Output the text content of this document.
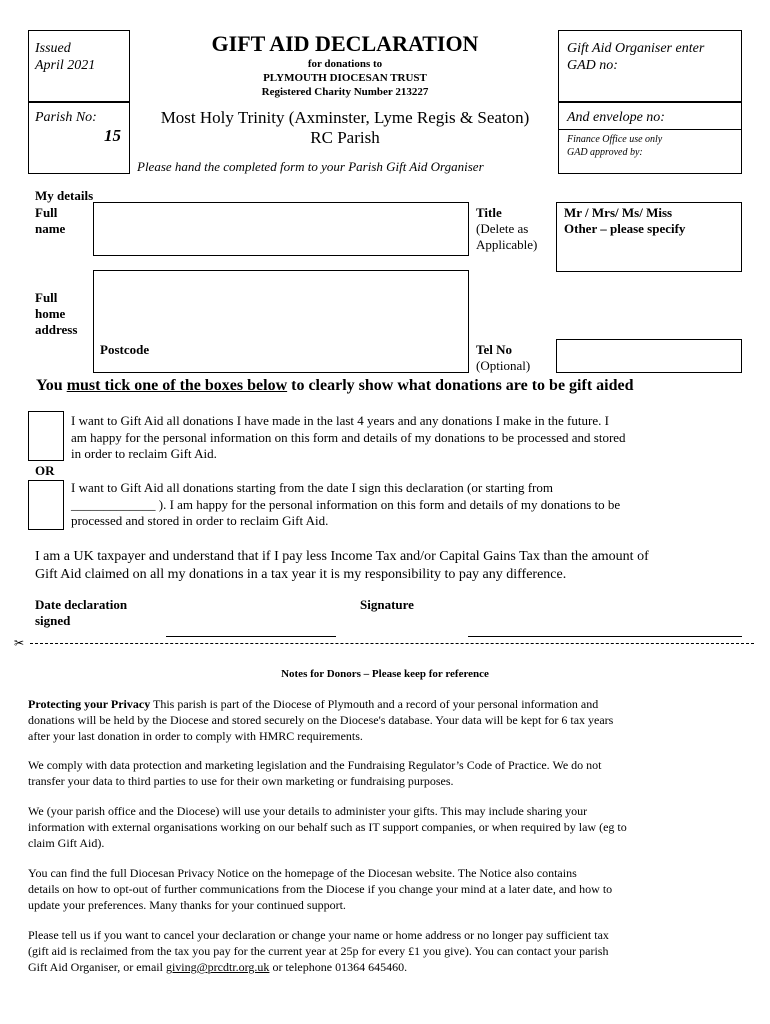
Issued
April 2021
GIFT AID DECLARATION
for donations to
PLYMOUTH DIOCESAN TRUST
Registered Charity Number 213227
Gift Aid Organiser enter
GAD no:
Parish No:
15
Most Holy Trinity (Axminster, Lyme Regis & Seaton)
RC Parish
Please hand the completed form to your Parish Gift Aid Organiser
And envelope no:
Finance Office use only
GAD approved by:
My details
Full
name
Title
(Delete as
Applicable)
Mr / Mrs/ Ms/ Miss
Other – please specify
Full
home
address
Postcode	Tel No
(Optional)
You must tick one of the boxes below to clearly show what donations are to be gift aided
I want to Gift Aid all donations I have made in the last 4 years and any donations I make in the future. I
am happy for the personal information on this form and details of my donations to be processed and stored
in order to reclaim Gift Aid.
OR
I want to Gift Aid all donations starting from the date I sign this declaration (or starting from
_____________ ). I am happy for the personal information on this form and details of my donations to be
processed and stored in order to reclaim Gift Aid.
I am a UK taxpayer and understand that if I pay less Income Tax and/or Capital Gains Tax than the amount of
Gift Aid claimed on all my donations in a tax year it is my responsibility to pay any difference.
Date declaration
signed
Signature
✂
Notes for Donors – Please keep for reference
Protecting your Privacy This parish is part of the Diocese of Plymouth and a record of your personal information and
donations will be held by the Diocese and stored securely on the Diocese's database. Your data will be kept for 6 tax years
after your last donation in order to comply with HMRC requirements.
We comply with data protection and marketing legislation and the Fundraising Regulator’s Code of Practice. We do not
transfer your data to third parties to use for their own marketing or fundraising purposes.
We (your parish office and the Diocese) will use your details to administer your gifts. This may include sharing your
information with external organisations working on our behalf such as IT support companies, or when required by law (eg to
claim Gift Aid).
You can find the full Diocesan Privacy Notice on the homepage of the Diocesan website. The Notice also contains
details on how to opt-out of further communications from the Diocese if you change your mind at a later date, and how to
update your preferences. Many thanks for your continued support.
Please tell us if you want to cancel your declaration or change your name or home address or no longer pay sufficient tax
(gift aid is reclaimed from the tax you pay for the current year at 25p for every £1 you give). You can contact your parish
Gift Aid Organiser, or email giving@prcdtr.org.uk or telephone 01364 645460.
